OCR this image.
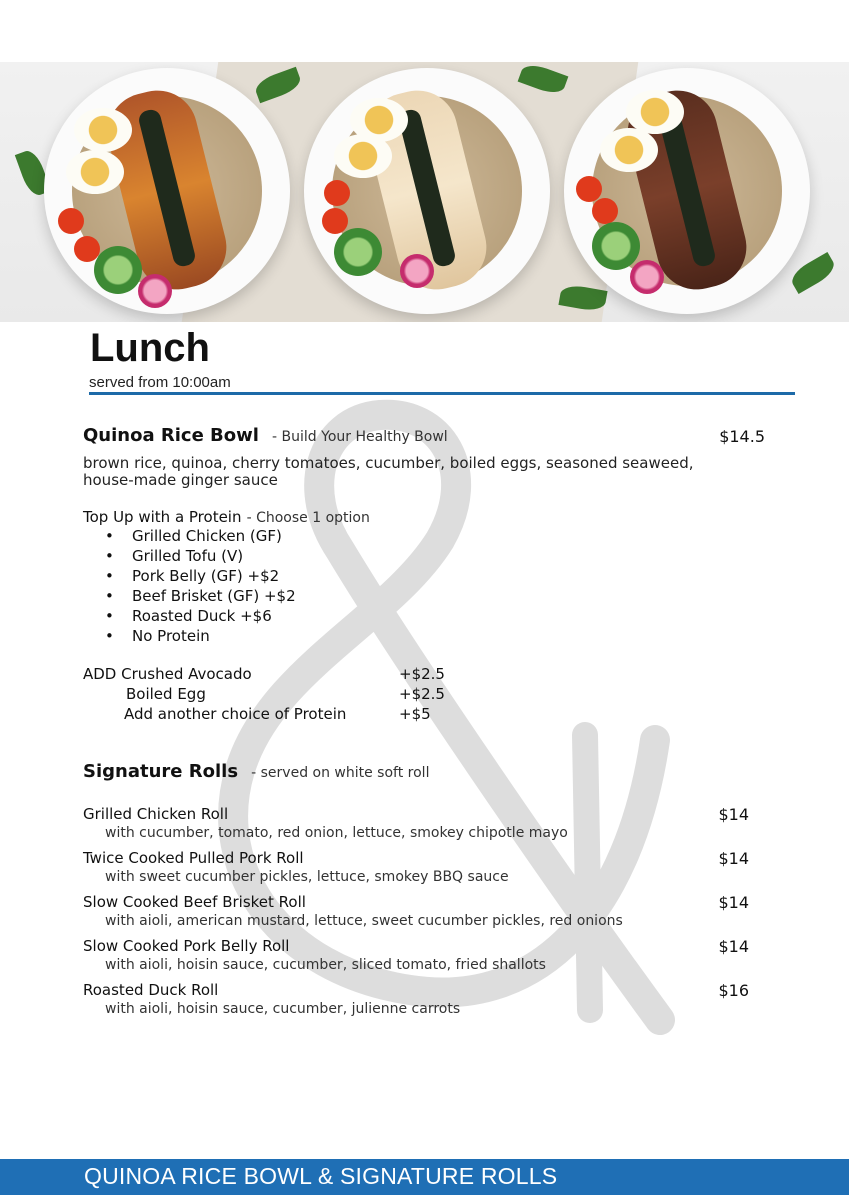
Lunch
served from 10:00am
Quinoa Rice Bowl - Build Your Healthy Bowl	$14.5
brown rice, quinoa, cherry tomatoes, cucumber, boiled eggs, seasoned seaweed, house-made ginger sauce
Top Up with a Protein - Choose 1 option
• Grilled Chicken (GF)
• Grilled Tofu (V)
• Pork Belly (GF) +$2
• Beef Brisket (GF) +$2
• Roasted Duck +$6
• No Protein
ADD Crushed Avocado	+$2.5
Boiled Egg	+$2.5
Add another choice of Protein	+$5
Signature Rolls - served on white soft roll
Grilled Chicken Roll
with cucumber, tomato, red onion, lettuce, smokey chipotle mayo
$14
Twice Cooked Pulled Pork Roll
with sweet cucumber pickles, lettuce, smokey BBQ sauce
$14
Slow Cooked Beef Brisket Roll
with aioli, american mustard, lettuce, sweet cucumber pickles, red onions
$14
Slow Cooked Pork Belly Roll
with aioli, hoisin sauce, cucumber, sliced tomato, fried shallots
$14
Roasted Duck Roll
with aioli, hoisin sauce, cucumber, julienne carrots
$16
QUINOA RICE BOWL & SIGNATURE ROLLS
